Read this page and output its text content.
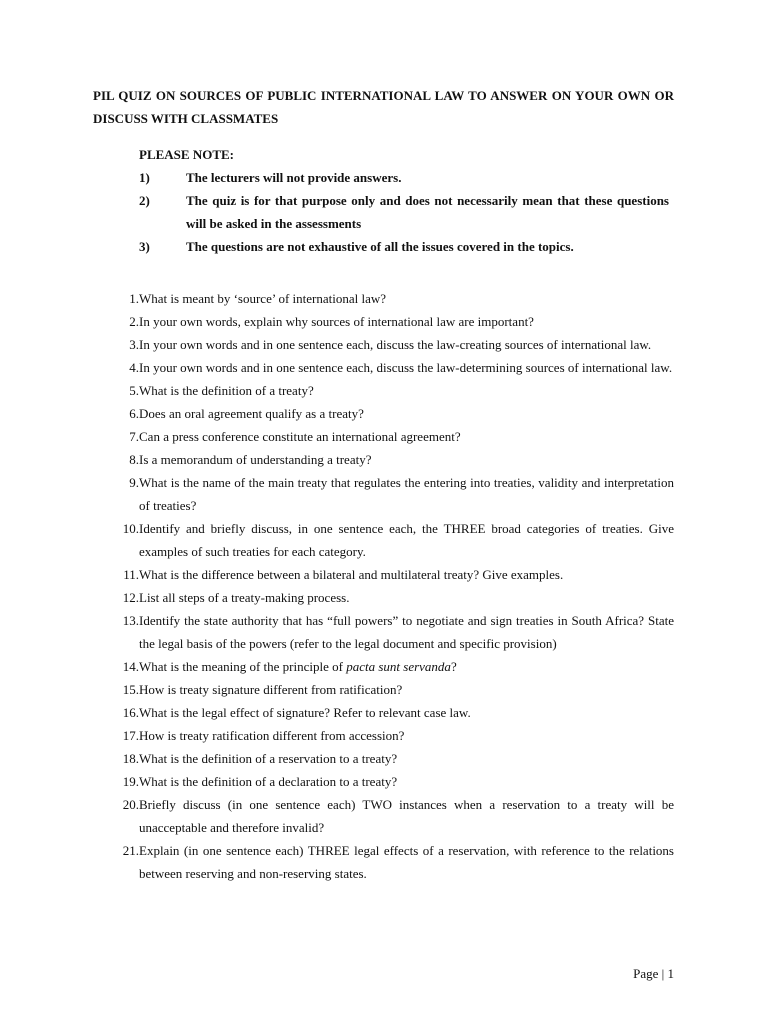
PIL QUIZ ON SOURCES OF PUBLIC INTERNATIONAL LAW TO ANSWER ON YOUR OWN OR DISCUSS WITH CLASSMATES

PLEASE NOTE:

1)	The lecturers will not provide answers.
2)	The quiz is for that purpose only and does not necessarily mean that these questions will be asked in the assessments
3)	The questions are not exhaustive of all the issues covered in the topics.
1. What is meant by ‘source’ of international law?
2. In your own words, explain why sources of international law are important?
3. In your own words and in one sentence each, discuss the law-creating sources of international law.
4. In your own words and in one sentence each, discuss the law-determining sources of international law.
5. What is the definition of a treaty?
6. Does an oral agreement qualify as a treaty?
7. Can a press conference constitute an international agreement?
8. Is a memorandum of understanding a treaty?
9. What is the name of the main treaty that regulates the entering into treaties, validity and interpretation of treaties?
10. Identify and briefly discuss, in one sentence each, the THREE broad categories of treaties. Give examples of such treaties for each category.
11. What is the difference between a bilateral and multilateral treaty? Give examples.
12. List all steps of a treaty-making process.
13. Identify the state authority that has “full powers” to negotiate and sign treaties in South Africa? State the legal basis of the powers (refer to the legal document and specific provision)
14. What is the meaning of the principle of pacta sunt servanda?
15. How is treaty signature different from ratification?
16. What is the legal effect of signature? Refer to relevant case law.
17. How is treaty ratification different from accession?
18. What is the definition of a reservation to a treaty?
19. What is the definition of a declaration to a treaty?
20. Briefly discuss (in one sentence each) TWO instances when a reservation to a treaty will be unacceptable and therefore invalid?
21. Explain (in one sentence each) THREE legal effects of a reservation, with reference to the relations between reserving and non-reserving states.
Page | 1
